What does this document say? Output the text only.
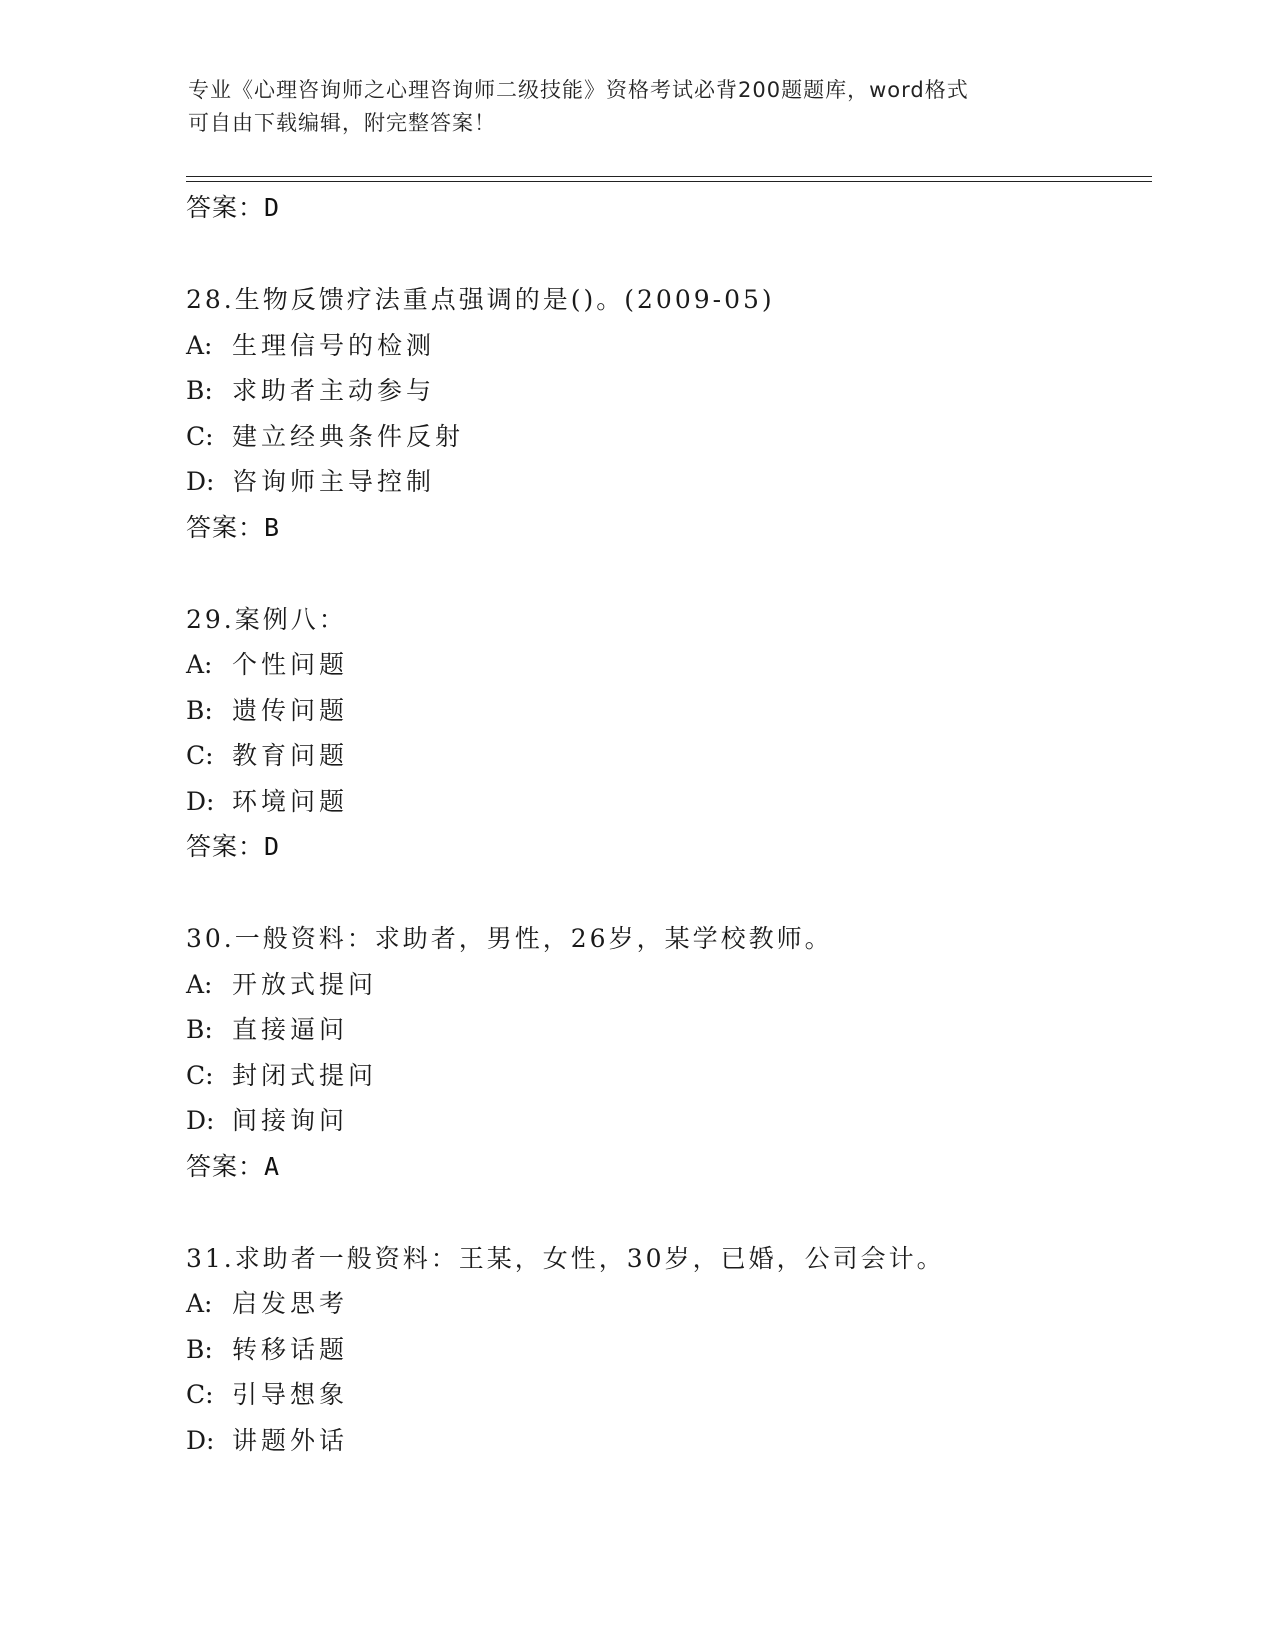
专业《心理咨询师之心理咨询师二级技能》资格考试必背200题题库，word格式
可自由下载编辑，附完整答案！
答案：D
28.生物反馈疗法重点强调的是()。(2009-05)
A: 生理信号的检测
B: 求助者主动参与
C: 建立经典条件反射
D: 咨询师主导控制
答案：B
29.案例八：
A: 个性问题
B: 遗传问题
C: 教育问题
D: 环境问题
答案：D
30.一般资料：求助者，男性，26岁，某学校教师。
A: 开放式提问
B: 直接逼问
C: 封闭式提问
D: 间接询问
答案：A
31.求助者一般资料：王某，女性，30岁，已婚，公司会计。
A: 启发思考
B: 转移话题
C: 引导想象
D: 讲题外话
